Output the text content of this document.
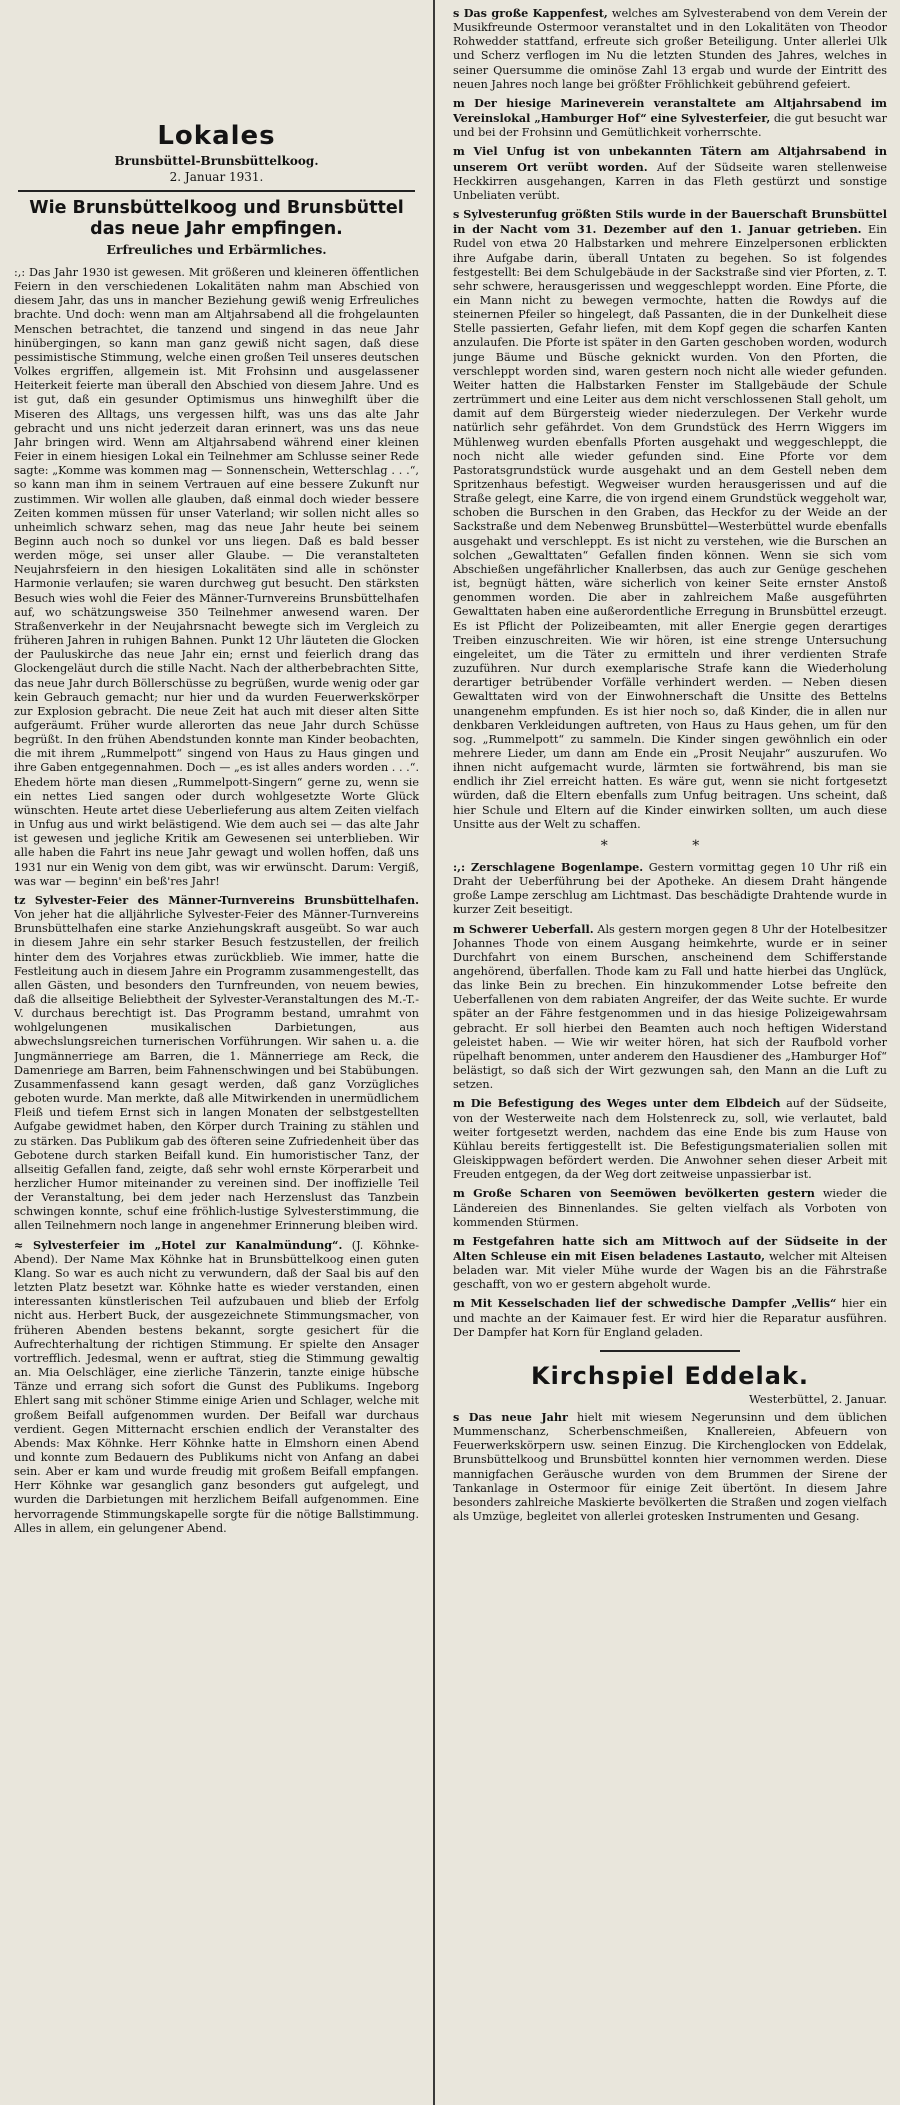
Lokales
Brunsbüttel-Brunsbüttelkoog.
2. Januar 1931.
Wie Brunsbüttelkoog und Brunsbüttel das neue Jahr empfingen.
Erfreuliches und Erbärmliches.

:,: Das Jahr 1930 ist gewesen. Mit größeren und kleineren öffentlichen Feiern in den verschiedenen Lokalitäten nahm man Abschied von diesem Jahr, das uns in mancher Beziehung gewiß wenig Erfreuliches brachte. Und doch: wenn man am Altjahrsabend all die frohgelaunten Menschen betrachtet, die tanzend und singend in das neue Jahr hinübergingen, so kann man ganz gewiß nicht sagen, daß diese pessimistische Stimmung, welche einen großen Teil unseres deutschen Volkes ergriffen, allgemein ist. Mit Frohsinn und ausgelassener Heiterkeit feierte man überall den Abschied von diesem Jahre. Und es ist gut, daß ein gesunder Optimismus uns hinweghilft über die Miseren des Alltags, uns vergessen hilft, was uns das alte Jahr gebracht und uns nicht jederzeit daran erinnert, was uns das neue Jahr bringen wird. Wenn am Altjahrsabend während einer kleinen Feier in einem hiesigen Lokal ein Teilnehmer am Schlusse seiner Rede sagte: „Komme was kommen mag — Sonnenschein, Wetterschlag . . .“, so kann man ihm in seinem Vertrauen auf eine bessere Zukunft nur zustimmen. Wir wollen alle glauben, daß einmal doch wieder bessere Zeiten kommen müssen für unser Vaterland; wir sollen nicht alles so unheimlich schwarz sehen, mag das neue Jahr heute bei seinem Beginn auch noch so dunkel vor uns liegen. Daß es bald besser werden möge, sei unser aller Glaube. — Die veranstalteten Neujahrsfeiern in den hiesigen Lokalitäten sind alle in schönster Harmonie verlaufen; sie waren durchweg gut besucht. Den stärksten Besuch wies wohl die Feier des Männer-Turnvereins Brunsbüttelhafen auf, wo schätzungsweise 350 Teilnehmer anwesend waren. Der Straßenverkehr in der Neujahrsnacht bewegte sich im Vergleich zu früheren Jahren in ruhigen Bahnen. Punkt 12 Uhr läuteten die Glocken der Pauluskirche das neue Jahr ein; ernst und feierlich drang das Glockengeläut durch die stille Nacht. Nach der altherbebrachten Sitte, das neue Jahr durch Böllerschüsse zu begrüßen, wurde wenig oder gar kein Gebrauch gemacht; nur hier und da wurden Feuerwerkskörper zur Explosion gebracht. Die neue Zeit hat auch mit dieser alten Sitte aufgeräumt. Früher wurde allerorten das neue Jahr durch Schüsse begrüßt. In den frühen Abendstunden konnte man Kinder beobachten, die mit ihrem „Rummelpott“ singend von Haus zu Haus gingen und ihre Gaben entgegennahmen. Doch — „es ist alles anders worden . . .“. Ehedem hörte man diesen „Rummelpott-Singern“ gerne zu, wenn sie ein nettes Lied sangen oder durch wohlgesetzte Worte Glück wünschten. Heute artet diese Ueberlieferung aus altem Zeiten vielfach in Unfug aus und wirkt belästigend. Wie dem auch sei — das alte Jahr ist gewesen und jegliche Kritik am Gewesenen sei unterblieben. Wir alle haben die Fahrt ins neue Jahr gewagt und wollen hoffen, daß uns 1931 nur ein Wenig von dem gibt, was wir erwünscht. Darum: Vergiß, was war — beginn' ein beß'res Jahr!

tz Sylvester-Feier des Männer-Turnvereins Brunsbüttelhafen. Von jeher hat die alljährliche Sylvester-Feier des Männer-Turnvereins Brunsbüttelhafen eine starke Anziehungskraft ausgeübt. So war auch in diesem Jahre ein sehr starker Besuch festzustellen, der freilich hinter dem des Vorjahres etwas zurückblieb. Wie immer, hatte die Festleitung auch in diesem Jahre ein Programm zusammengestellt, das allen Gästen, und besonders den Turnfreunden, von neuem bewies, daß die allseitige Beliebtheit der Sylvester-Veranstaltungen des M.-T.-V. durchaus berechtigt ist. Das Programm bestand, umrahmt von wohlgelungenen musikalischen Darbietungen, aus abwechslungsreichen turnerischen Vorführungen. Wir sahen u. a. die Jungmännerriege am Barren, die 1. Männerriege am Reck, die Damenriege am Barren, beim Fahnenschwingen und bei Stabübungen. Zusammenfassend kann gesagt werden, daß ganz Vorzügliches geboten wurde. Man merkte, daß alle Mitwirkenden in unermüdlichem Fleiß und tiefem Ernst sich in langen Monaten der selbstgestellten Aufgabe gewidmet haben, den Körper durch Training zu stählen und zu stärken. Das Publikum gab des öfteren seine Zufriedenheit über das Gebotene durch starken Beifall kund. Ein humoristischer Tanz, der allseitig Gefallen fand, zeigte, daß sehr wohl ernste Körperarbeit und herzlicher Humor miteinander zu vereinen sind. Der inoffizielle Teil der Veranstaltung, bei dem jeder nach Herzenslust das Tanzbein schwingen konnte, schuf eine fröhlich-lustige Sylvesterstimmung, die allen Teilnehmern noch lange in angenehmer Erinnerung bleiben wird.

≈ Sylvesterfeier im „Hotel zur Kanalmündung“. (J. Köhnke-Abend). Der Name Max Köhnke hat in Brunsbüttelkoog einen guten Klang. So war es auch nicht zu verwundern, daß der Saal bis auf den letzten Platz besetzt war. Köhnke hatte es wieder verstanden, einen interessanten künstlerischen Teil aufzubauen und blieb der Erfolg nicht aus. Herbert Buck, der ausgezeichnete Stimmungsmacher, von früheren Abenden bestens bekannt, sorgte gesichert für die Aufrechterhaltung der richtigen Stimmung. Er spielte den Ansager vortrefflich. Jedesmal, wenn er auftrat, stieg die Stimmung gewaltig an. Mia Oelschläger, eine zierliche Tänzerin, tanzte einige hübsche Tänze und errang sich sofort die Gunst des Publikums. Ingeborg Ehlert sang mit schöner Stimme einige Arien und Schlager, welche mit großem Beifall aufgenommen wurden. Der Beifall war durchaus verdient. Gegen Mitternacht erschien endlich der Veranstalter des Abends: Max Köhnke. Herr Köhnke hatte in Elmshorn einen Abend und konnte zum Bedauern des Publikums nicht von Anfang an dabei sein. Aber er kam und wurde freudig mit großem Beifall empfangen. Herr Köhnke war gesanglich ganz besonders gut aufgelegt, und wurden die Darbietungen mit herzlichem Beifall aufgenommen. Eine hervorragende Stimmungskapelle sorgte für die nötige Ballstimmung. Alles in allem, ein gelungener Abend.

s Das große Kappenfest, welches am Sylvesterabend von dem Verein der Musikfreunde Ostermoor veranstaltet und in den Lokalitäten von Theodor Rohwedder stattfand, erfreute sich großer Beteiligung. Unter allerlei Ulk und Scherz verflogen im Nu die letzten Stunden des Jahres, welches in seiner Quersumme die ominöse Zahl 13 ergab und wurde der Eintritt des neuen Jahres noch lange bei größter Fröhlichkeit gebührend gefeiert.

m Der hiesige Marineverein veranstaltete am Altjahrsabend im Vereinslokal „Hamburger Hof“ eine Sylvesterfeier, die gut besucht war und bei der Frohsinn und Gemütlichkeit vorherrschte.

m Viel Unfug ist von unbekannten Tätern am Altjahrsabend in unserem Ort verübt worden. Auf der Südseite waren stellenweise Heckkirren ausgehangen, Karren in das Fleth gestürzt und sonstige Unbeliaten verübt.

s Sylvesterunfug größten Stils wurde in der Bauerschaft Brunsbüttel in der Nacht vom 31. Dezember auf den 1. Januar getrieben. Ein Rudel von etwa 20 Halbstarken und mehrere Einzelpersonen erblickten ihre Aufgabe darin, überall Untaten zu begehen. So ist folgendes festgestellt: Bei dem Schulgebäude in der Sackstraße sind vier Pforten, z. T. sehr schwere, herausgerissen und weggeschleppt worden. Eine Pforte, die ein Mann nicht zu bewegen vermochte, hatten die Rowdys auf die steinernen Pfeiler so hingelegt, daß Passanten, die in der Dunkelheit diese Stelle passierten, Gefahr liefen, mit dem Kopf gegen die scharfen Kanten anzulaufen. Die Pforte ist später in den Garten geschoben worden, wodurch junge Bäume und Büsche geknickt wurden. Von den Pforten, die verschleppt worden sind, waren gestern noch nicht alle wieder gefunden. Weiter hatten die Halbstarken Fenster im Stallgebäude der Schule zertrümmert und eine Leiter aus dem nicht verschlossenen Stall geholt, um damit auf dem Bürgersteig wieder niederzulegen. Der Verkehr wurde natürlich sehr gefährdet. Von dem Grundstück des Herrn Wiggers im Mühlenweg wurden ebenfalls Pforten ausgehakt und weggeschleppt, die noch nicht alle wieder gefunden sind. Eine Pforte vor dem Pastoratsgrundstück wurde ausgehakt und an dem Gestell neben dem Spritzenhaus befestigt. Wegweiser wurden herausgerissen und auf die Straße gelegt, eine Karre, die von irgend einem Grundstück weggeholt war, schoben die Burschen in den Graben, das Heckfor zu der Weide an der Sackstraße und dem Nebenweg Brunsbüttel—Westerbüttel wurde ebenfalls ausgehakt und verschleppt. Es ist nicht zu verstehen, wie die Burschen an solchen „Gewalttaten“ Gefallen finden können. Wenn sie sich vom Abschießen ungefährlicher Knallerbsen, das auch zur Genüge geschehen ist, begnügt hätten, wäre sicherlich von keiner Seite ernster Anstoß genommen worden. Die aber in zahlreichem Maße ausgeführten Gewalttaten haben eine außerordentliche Erregung in Brunsbüttel erzeugt. Es ist Pflicht der Polizeibeamten, mit aller Energie gegen derartiges Treiben einzuschreiten. Wie wir hören, ist eine strenge Untersuchung eingeleitet, um die Täter zu ermitteln und ihrer verdienten Strafe zuzuführen. Nur durch exemplarische Strafe kann die Wiederholung derartiger betrübender Vorfälle verhindert werden. — Neben diesen Gewalttaten wird von der Einwohnerschaft die Unsitte des Bettelns unangenehm empfunden. Es ist hier noch so, daß Kinder, die in allen nur denkbaren Verkleidungen auftreten, von Haus zu Haus gehen, um für den sog. „Rummelpott“ zu sammeln. Die Kinder singen gewöhnlich ein oder mehrere Lieder, um dann am Ende ein „Prosit Neujahr“ auszurufen. Wo ihnen nicht aufgemacht wurde, lärmten sie fortwährend, bis man sie endlich ihr Ziel erreicht hatten. Es wäre gut, wenn sie nicht fortgesetzt würden, daß die Eltern ebenfalls zum Unfug beitragen. Uns scheint, daß hier Schule und Eltern auf die Kinder einwirken sollten, um auch diese Unsitte aus der Welt zu schaffen.

* *

:,: Zerschlagene Bogenlampe. Gestern vormittag gegen 10 Uhr riß ein Draht der Ueberführung bei der Apotheke. An diesem Draht hängende große Lampe zerschlug am Lichtmast. Das beschädigte Drahtende wurde in kurzer Zeit beseitigt.

m Schwerer Ueberfall. Als gestern morgen gegen 8 Uhr der Hotelbesitzer Johannes Thode von einem Ausgang heimkehrte, wurde er in seiner Durchfahrt von einem Burschen, anscheinend dem Schifferstande angehörend, überfallen. Thode kam zu Fall und hatte hierbei das Unglück, das linke Bein zu brechen. Ein hinzukommender Lotse befreite den Ueberfallenen von dem rabiaten Angreifer, der das Weite suchte. Er wurde später an der Fähre festgenommen und in das hiesige Polizeigewahrsam gebracht. Er soll hierbei den Beamten auch noch heftigen Widerstand geleistet haben. — Wie wir weiter hören, hat sich der Raufbold vorher rüpelhaft benommen, unter anderem den Hausdiener des „Hamburger Hof“ belästigt, so daß sich der Wirt gezwungen sah, den Mann an die Luft zu setzen.

m Die Befestigung des Weges unter dem Elbdeich auf der Südseite, von der Westerweite nach dem Holstenreck zu, soll, wie verlautet, bald weiter fortgesetzt werden, nachdem das eine Ende bis zum Hause von Kühlau bereits fertiggestellt ist. Die Befestigungsmaterialien sollen mit Gleiskippwagen befördert werden. Die Anwohner sehen dieser Arbeit mit Freuden entgegen, da der Weg dort zeitweise unpassierbar ist.

m Große Scharen von Seemöwen bevölkerten gestern wieder die Ländereien des Binnenlandes. Sie gelten vielfach als Vorboten von kommenden Stürmen.

m Festgefahren hatte sich am Mittwoch auf der Südseite in der Alten Schleuse ein mit Eisen beladenes Lastauto, welcher mit Alteisen beladen war. Mit vieler Mühe wurde der Wagen bis an die Fährstraße geschafft, von wo er gestern abgeholt wurde.

m Mit Kesselschaden lief der schwedische Dampfer „Vellis“ hier ein und machte an der Kaimauer fest. Er wird hier die Reparatur ausführen. Der Dampfer hat Korn für England geladen.

Kirchspiel Eddelak.
Westerbüttel, 2. Januar.

s Das neue Jahr hielt mit wiesem Negerunsinn und dem üblichen Mummenschanz, Scherbenschmeißen, Knallereien, Abfeuern von Feuerwerkskörpern usw. seinen Einzug. Die Kirchenglocken von Eddelak, Brunsbüttelkoog und Brunsbüttel konnten hier vernommen werden. Diese mannigfachen Geräusche wurden von dem Brummen der Sirene der Tankanlage in Ostermoor für einige Zeit übertönt. In diesem Jahre besonders zahlreiche Maskierte bevölkerten die Straßen und zogen vielfach als Umzüge, begleitet von allerlei grotesken Instrumenten und Gesang.
